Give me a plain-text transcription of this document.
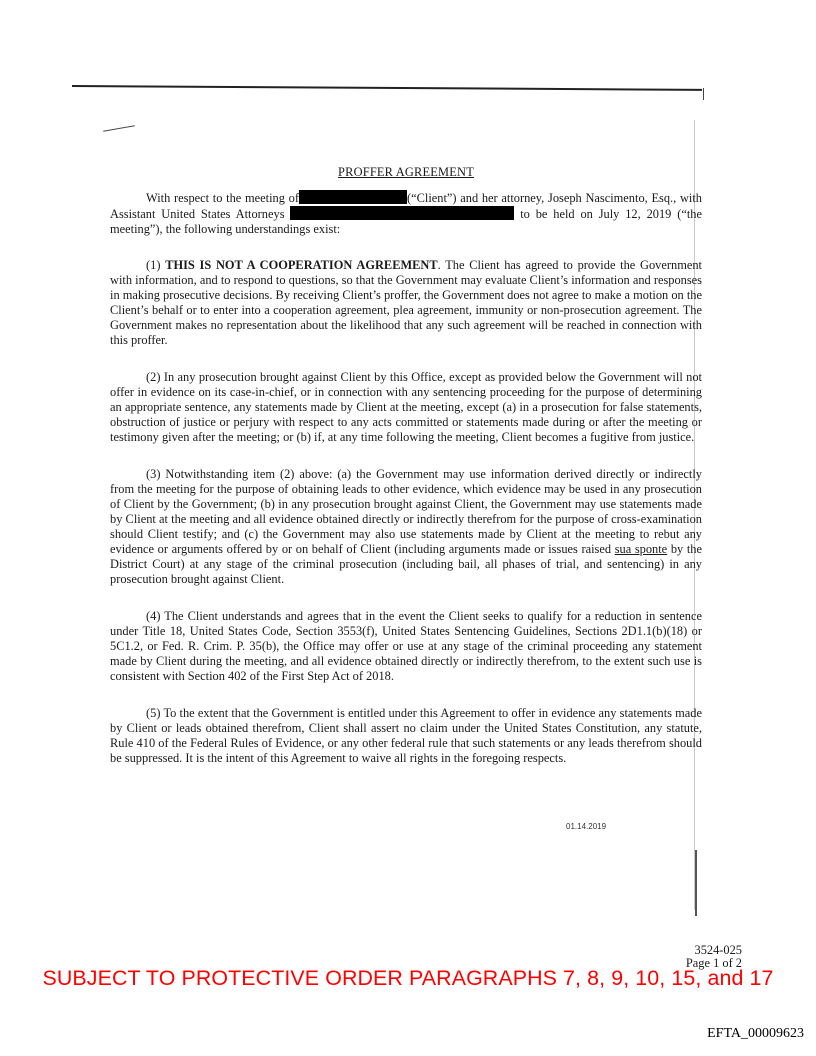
PROFFER AGREEMENT

With respect to the meeting of	(“Client”) and her attorney, Joseph Nascimento, Esq., with Assistant United States Attorneys	to be held on July 12, 2019 (“the meeting”), the following understandings exist:

(1) THIS IS NOT A COOPERATION AGREEMENT. The Client has agreed to provide the Government with information, and to respond to questions, so that the Government may evaluate Client’s information and responses in making prosecutive decisions. By receiving Client’s proffer, the Government does not agree to make a motion on the Client’s behalf or to enter into a cooperation agreement, plea agreement, immunity or non-prosecution agreement. The Government makes no representation about the likelihood that any such agreement will be reached in connection with this proffer.

(2) In any prosecution brought against Client by this Office, except as provided below the Government will not offer in evidence on its case-in-chief, or in connection with any sentencing proceeding for the purpose of determining an appropriate sentence, any statements made by Client at the meeting, except (a) in a prosecution for false statements, obstruction of justice or perjury with respect to any acts committed or statements made during or after the meeting or testimony given after the meeting; or (b) if, at any time following the meeting, Client becomes a fugitive from justice.

(3) Notwithstanding item (2) above: (a) the Government may use information derived directly or indirectly from the meeting for the purpose of obtaining leads to other evidence, which evidence may be used in any prosecution of Client by the Government; (b) in any prosecution brought against Client, the Government may use statements made by Client at the meeting and all evidence obtained directly or indirectly therefrom for the purpose of cross-examination should Client testify; and (c) the Government may also use statements made by Client at the meeting to rebut any evidence or arguments offered by or on behalf of Client (including arguments made or issues raised sua sponte by the District Court) at any stage of the criminal prosecution (including bail, all phases of trial, and sentencing) in any prosecution brought against Client.

(4) The Client understands and agrees that in the event the Client seeks to qualify for a reduction in sentence under Title 18, United States Code, Section 3553(f), United States Sentencing Guidelines, Sections 2D1.1(b)(18) or 5C1.2, or Fed. R. Crim. P. 35(b), the Office may offer or use at any stage of the criminal proceeding any statement made by Client during the meeting, and all evidence obtained directly or indirectly therefrom, to the extent such use is consistent with Section 402 of the First Step Act of 2018.

(5) To the extent that the Government is entitled under this Agreement to offer in evidence any statements made by Client or leads obtained therefrom, Client shall assert no claim under the United States Constitution, any statute, Rule 410 of the Federal Rules of Evidence, or any other federal rule that such statements or any leads therefrom should be suppressed. It is the intent of this Agreement to waive all rights in the foregoing respects.

01.14.2019
3524-025
Page 1 of 2
SUBJECT TO PROTECTIVE ORDER PARAGRAPHS 7, 8, 9, 10, 15, and 17
EFTA_00009623
